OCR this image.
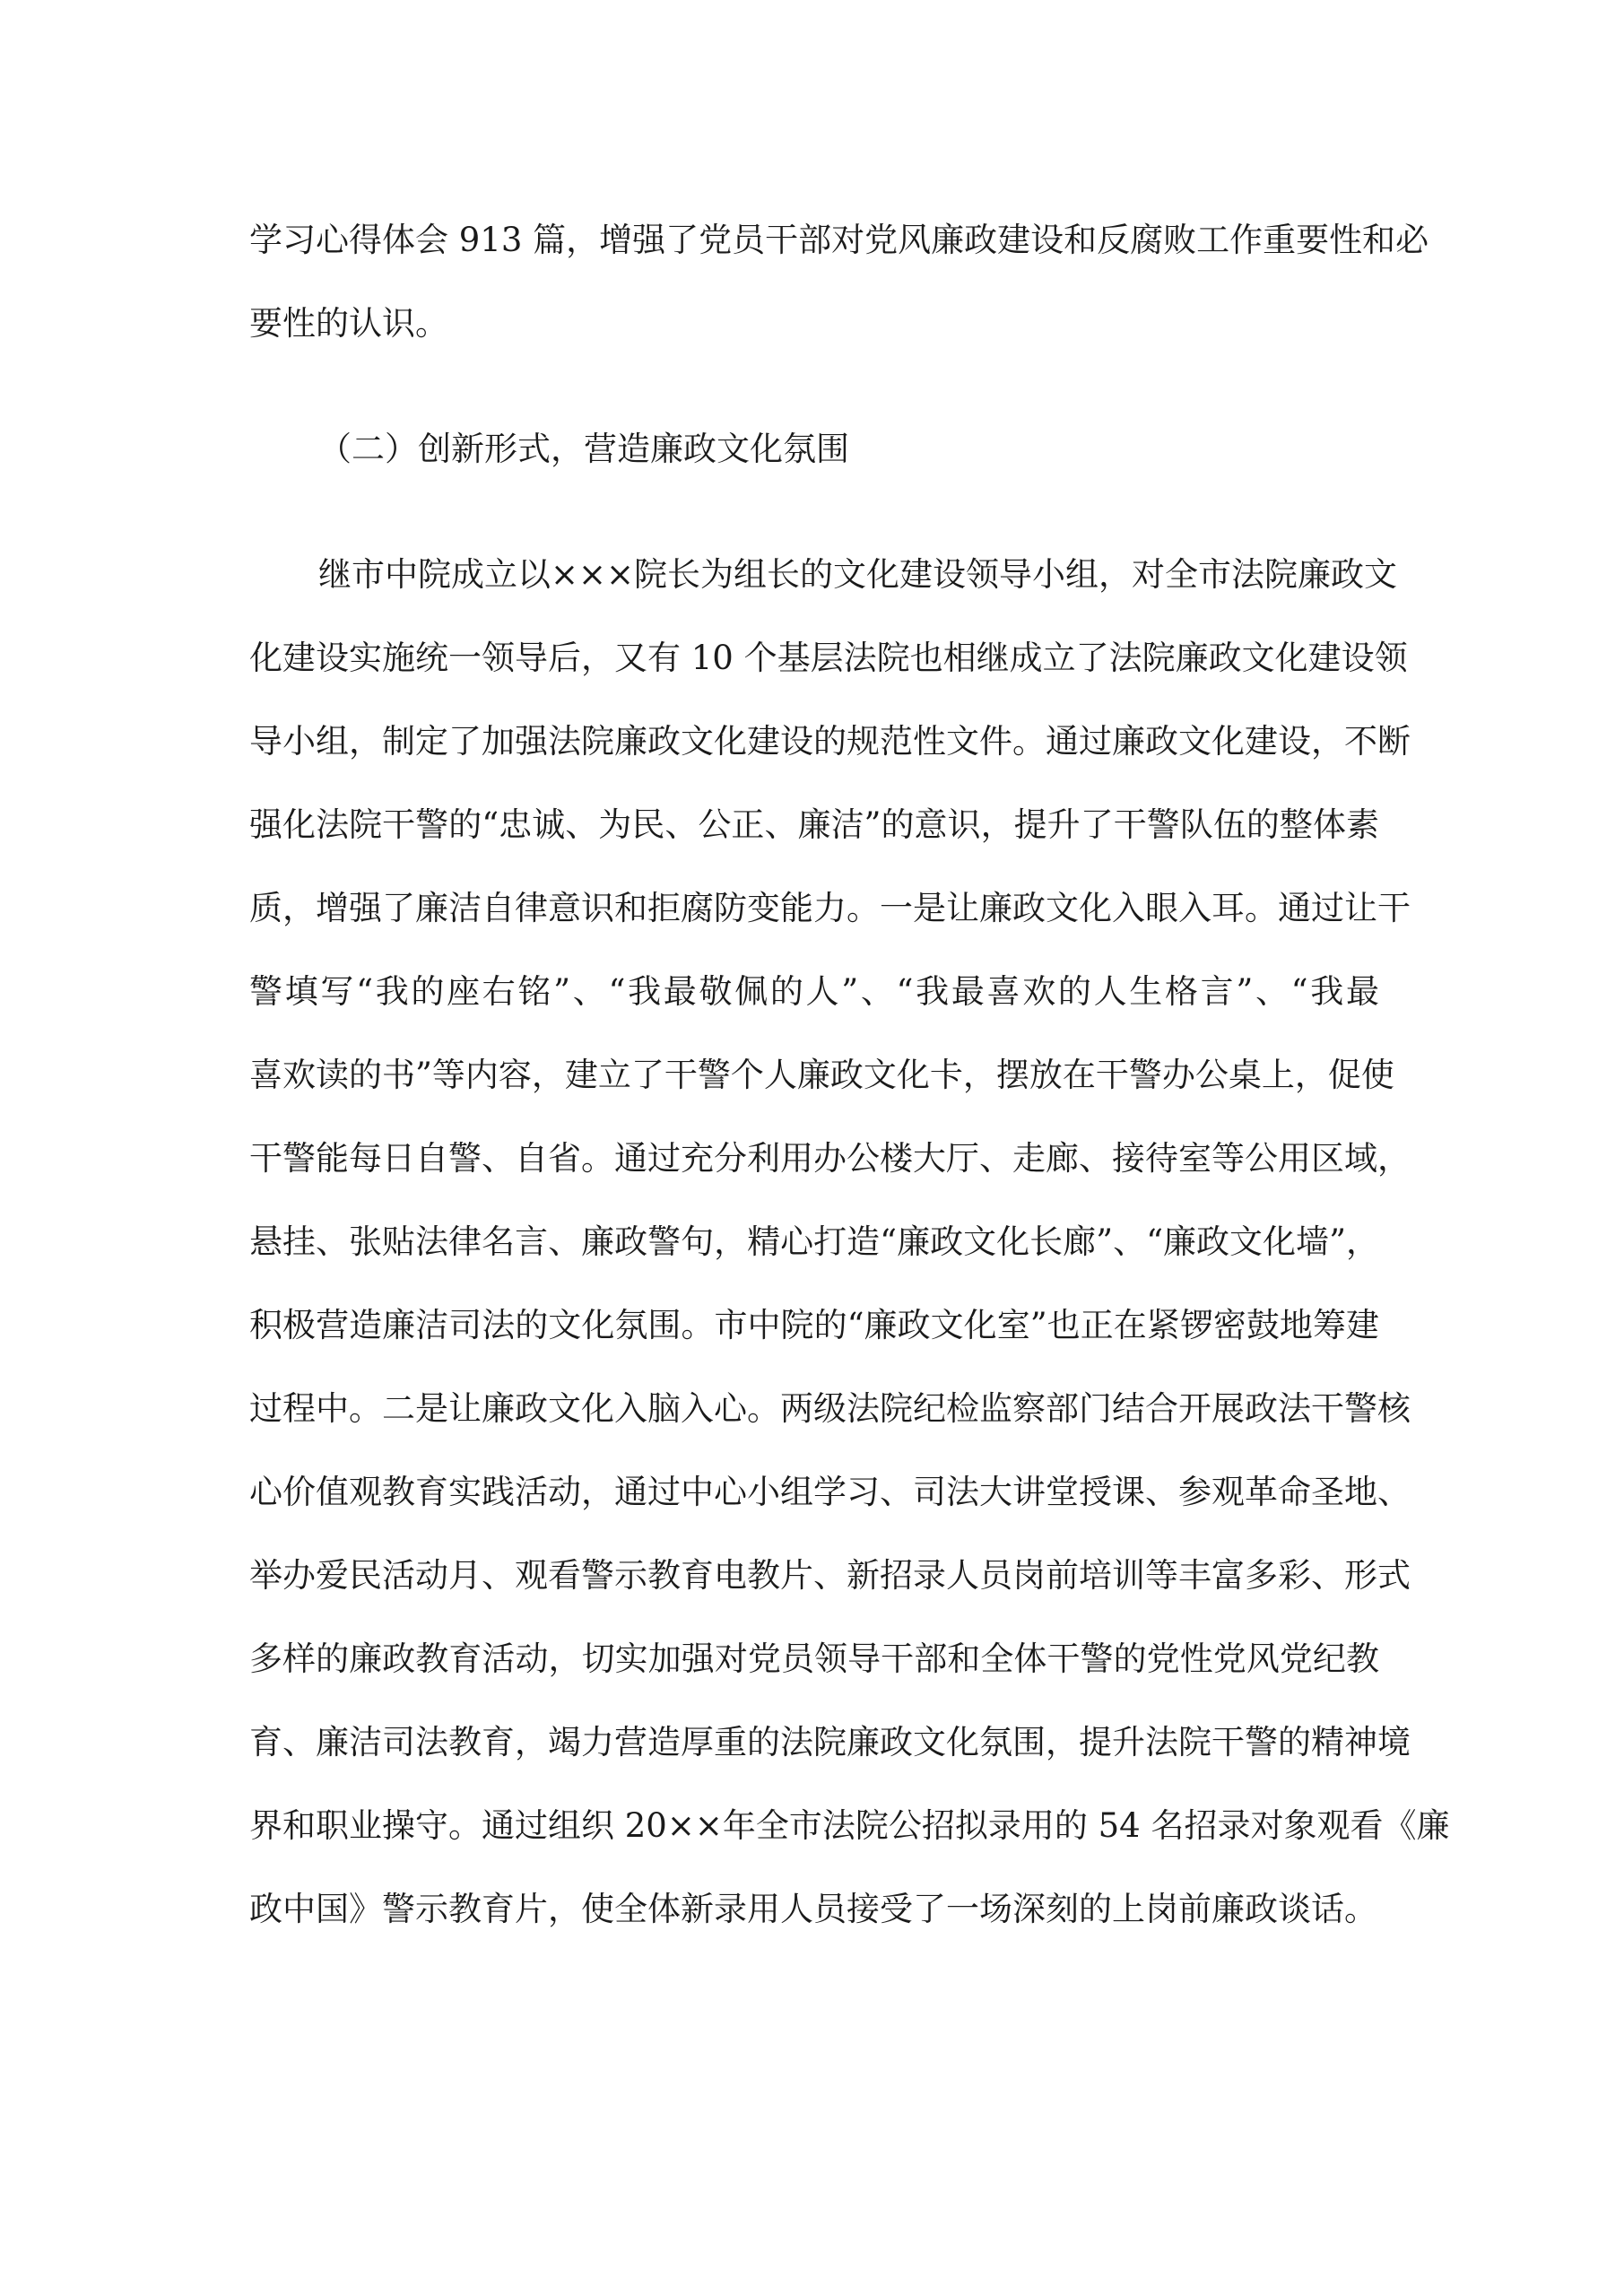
学习心得体会 913 篇，增强了党员干部对党风廉政建设和反腐败工作重要性和必
要性的认识。
（二）创新形式，营造廉政文化氛围
继市中院成立以×××院长为组长的文化建设领导小组，对全市法院廉政文
化建设实施统一领导后，又有 10 个基层法院也相继成立了法院廉政文化建设领
导小组，制定了加强法院廉政文化建设的规范性文件。通过廉政文化建设，不断
强化法院干警的“忠诚、为民、公正、廉洁”的意识，提升了干警队伍的整体素
质，增强了廉洁自律意识和拒腐防变能力。一是让廉政文化入眼入耳。通过让干
警填写“我的座右铭”、“我最敬佩的人”、“我最喜欢的人生格言”、“我最
喜欢读的书”等内容，建立了干警个人廉政文化卡，摆放在干警办公桌上，促使
干警能每日自警、自省。通过充分利用办公楼大厅、走廊、接待室等公用区域，
悬挂、张贴法律名言、廉政警句，精心打造“廉政文化长廊”、“廉政文化墙”，
积极营造廉洁司法的文化氛围。市中院的“廉政文化室”也正在紧锣密鼓地筹建
过程中。二是让廉政文化入脑入心。两级法院纪检监察部门结合开展政法干警核
心价值观教育实践活动，通过中心小组学习、司法大讲堂授课、参观革命圣地、
举办爱民活动月、观看警示教育电教片、新招录人员岗前培训等丰富多彩、形式
多样的廉政教育活动，切实加强对党员领导干部和全体干警的党性党风党纪教
育、廉洁司法教育，竭力营造厚重的法院廉政文化氛围，提升法院干警的精神境
界和职业操守。通过组织 20××年全市法院公招拟录用的 54 名招录对象观看《廉
政中国》警示教育片，使全体新录用人员接受了一场深刻的上岗前廉政谈话。
